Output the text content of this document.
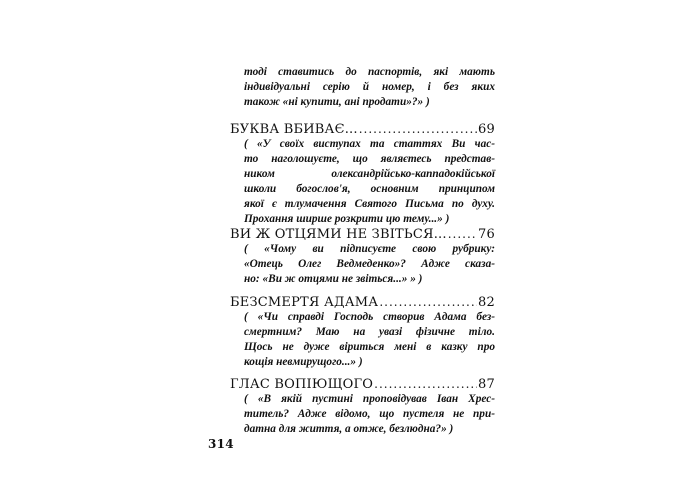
тоді ставитись до паспортів, які мають
індивідуальні серію й номер, і без яких
також «ні купити, ані продати»?» )
БУКВА ВБИВАЄ... .....	69
( «У своїх виступах та статтях Ви час-
то наголошуєте, що являєтесь представ-
ником олександрійсько-каппадокійської
школи богослов'я, основним принципом
якої є тлумачення Святого Письма по духу.
Прохання ширше розкрити цю тему...» )
ВИ Ж ОТЦЯМИ НЕ ЗВІТЬСЯ... ..... 76
( «Чому ви підписуєте свою рубрику:
«Отець Олег Ведмеденко»? Адже сказа-
но: «Ви ж отцями не звіться...» » )
БЕЗСМЕРТЯ АДАМА .....	82
( «Чи справді Господь створив Адама без-
смертним? Маю на увазі фізичне тіло.
Щось не дуже віриться мені в казку про
кощія невмирущого...» )
ГЛАС ВОПІЮЩОГО .....	87
( «В якій пустині проповідував Іван Хрес-
титель? Адже відомо, що пустеля не при-
датна для життя, а отже, безлюдна?» )
314
